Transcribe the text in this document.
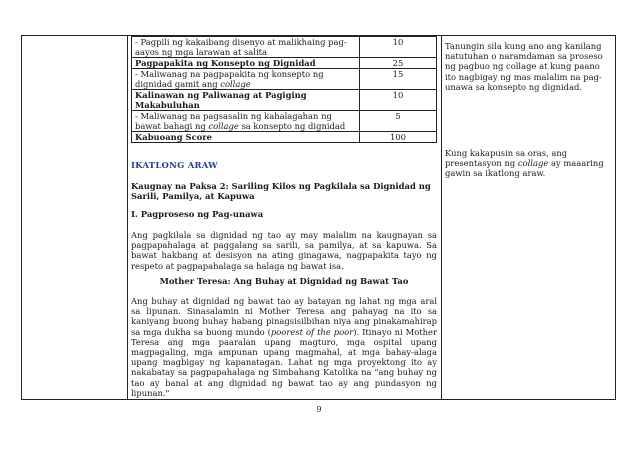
- Pagpili ng kakaibang disenyo at malikhaing pag-aayos ng mga larawan at salita	10
Pagpapakita ng Konsepto ng Dignidad	25
- Maliwanag na pagpapakita ng konsepto ng dignidad gamit ang collage	15
Kalinawan ng Paliwanag at Pagiging Makabuluhan	10
- Maliwanag na pagsasalin ng kahalagahan ng bawat bahagi ng collage sa konsepto ng dignidad	5
Kabuoang Score	100

IKATLONG ARAW

Kaugnay na Paksa 2: Sariling Kilos ng Pagkilala sa Dignidad ng Sarili, Pamilya, at Kapuwa

I. Pagproseso ng Pag-unawa

Ang pagkilala sa dignidad ng tao ay may malalim na kaugnayan sa pagpapahalaga at paggalang sa sarili, sa pamilya, at sa kapuwa. Sa bawat hakbang at desisyon na ating ginagawa, nagpapakita tayo ng respeto at pagpapahalaga sa halaga ng bawat isa.

Mother Teresa: Ang Buhay at Dignidad ng Bawat Tao

Ang buhay at dignidad ng bawat tao ay batayan ng lahat ng mga aral sa lipunan. Sinasalamin ni Mother Teresa ang pahayag na ito sa kaniyang buong buhay habang pinagsisilbihan niya ang pinakamahirap sa mga dukha sa buong mundo (poorest of the poor). Itinayo ni Mother Teresa ang mga paaralan upang magturo, mga ospital upang magpagaling, mga ampunan upang magmahal, at mga bahay-alaga upang magbigay ng kapanatagan. Lahat ng mga proyektong ito ay nakabatay sa pagpapahalaga ng Simbahang Katolika na "ang buhay ng tao ay banal at ang dignidad ng bawat tao ay ang pundasyon ng lipunan."

Tanungin sila kung ano ang kanilang natutuhan o naramdaman sa proseso ng pagbuo ng collage at kung paano ito nagbigay ng mas malalim na pag-unawa sa konsepto ng dignidad.

Kung kakapusin sa oras, ang presentasyon ng collage ay maaaring gawin sa ikatlong araw.

9
